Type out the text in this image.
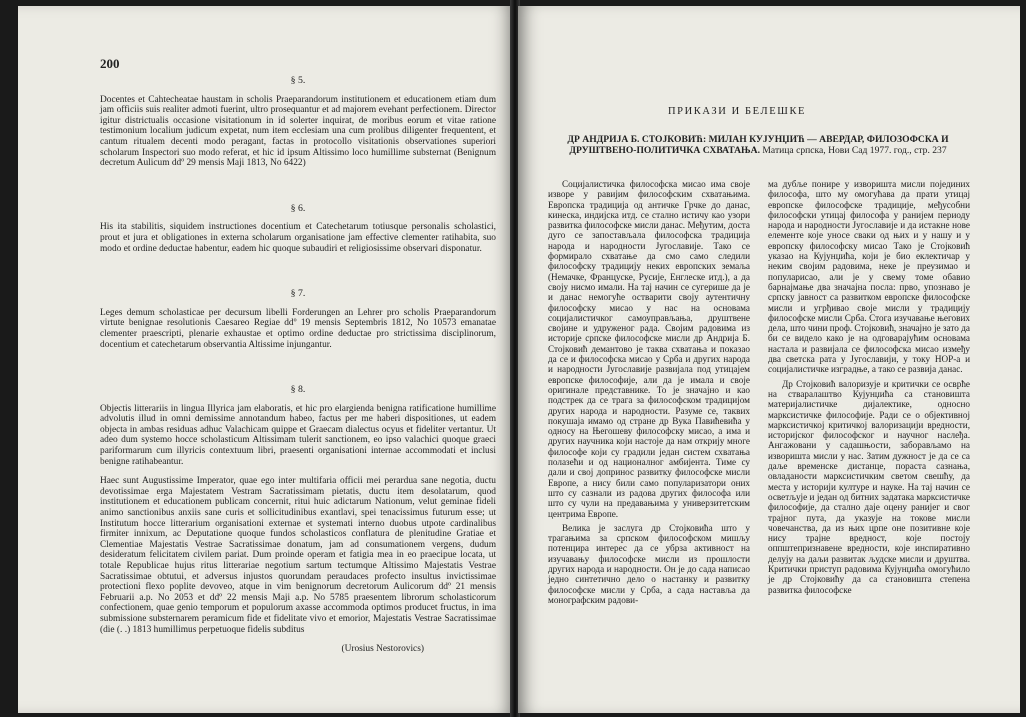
200
§ 5.

Docentes et Cahtecheatae haustam in scholis Praeparandorum institutionem et educationem etiam dum jam officiis suis realiter admoti fuerint, ultro prosequantur et ad majorem evehant perfectionem. Director igitur districtualis occasione visitationum in id solerter inquirat, de moribus eorum et vitae ratione testimonium localium judicum expetat, num item ecclesiam una cum prolibus diligenter frequentent, et cantum ritualem decenti modo peragant, factas in protocollo visitationis observationes superiori scholarum Inspectori suo modo referat, et hic id ipsum Altissimo loco humillime substernat (Benignum decretum Aulicum ddº 29 mensis Maji 1813, No 6422)

§ 6.

His ita stabilitis, siquidem instructiones docentium et Catechetarum totiusque personalis scholastici, prout et jura et obligationes in externa scholarum organisatione jam effective clementer ratihabita, suo modo et ordine deductae habentur, eadem hic quoque subaudiri et religiosissime observari disponatur.

§ 7.

Leges demum scholasticae per decursum libelli Forderungen an Lehrer pro scholis Praeparandorum virtute benignae resolutionis Caesareo Regiae ddº 19 mensis Septembris 1812, No 10573 emanatae clementer praescripti, plenarie exhaustae et optimo ordine deductae pro strictissima disciplinorum, docentium et catechetarum observantia Altissime injungantur.

§ 8.

Objectis litterariis in lingua Illyrica jam elaboratis, et hic pro elargienda benigna ratificatione humillime advolutis illud in omni demissime annotandum habeo, factus per me haberi dispositiones, ut eadem objecta in ambas residuas adhuc Valachicam quippe et Graecam dialectus ocyus et fideliter vertantur. Ut adeo dum systemo hocce scholasticum Altissimam tulerit sanctionem, eo ipso valachici quoque graeci pariformarum cum illyricis contextuum libri, praesenti organisationi internae accommodati et inclusi benigne ratihabeantur.

Haec sunt Augustissime Imperator, quae ego inter multifaria officii mei perardua sane negotia, ductu devotissimae erga Majestatem Vestram Sacratissimam pietatis, ductu item desolatarum, quod institutionem et educationem publicam concernit, ritui huic adictarum Nationum, velut geminae fideli animo sanctionibus anxiis sane curis et sollicitudinibus exantlavi, spei tenacissimus futurum esse; ut Institutum hocce litterarium organisationi externae et systemati interno duobus utpote cardinalibus firmiter innixum, ac Deputatione quoque fundos scholasticos conflatura de plenitudine Gratiae et Clementiae Majestatis Vestrae Sacratissimae donatum, jam ad consumationem vergens, dudum desideratum felicitatem civilem pariat. Dum proinde operam et fatigia mea in eo praecipue locata, ut totale Republicae hujus ritus litterariae negotium sartum tectumque Altissimo Majestatis Vestrae Sacratissimae obtutui, et adversus injustos quorundam peraudaces profecto insultus invictissimae protectioni flexo poplite devoveo, atque in vim benignorum decretorum Aulicorum ddº 21 mensis Februarii a.p. No 2053 et ddº 22 mensis Maji a.p. No 5785 praesentem librorum scholasticorum confectionem, quae genio temporum et populorum axasse accommoda optimos producet fructus, in ima submissione substernarem peramicum fide et fidelitate vivo et emorior, Majestatis Vestrae Sacratissimae (die (. .) 1813 humillimus perpetuoque fidelis subditus

(Urosius Nestorovics)
ПРИКАЗИ И БЕЛЕШКЕ
ДР АНДРИЈА Б. СТОЈКОВИЋ: МИЛАН КУЈУНЏИЋ — АВЕРДАР, ФИЛОЗОФСКА И ДРУШТВЕНО-ПОЛИТИЧКА СХВАТАЊА. Матица српска, Нови Сад 1977. год., стр. 237

Социјалистичка философска мисао има своје изворе у равијим философским схватањима. Европска традиција од античке Грчке до данас, кинеска, индијска итд. се стално истичу као узори развитка философске мисли данас. Међутим, доста дуго се запостављала философска традиција народа и народности Југославије. Тако се формирало схватање да смо само следили философску традицију неких европских земаља (Немачке, Француске, Русије, Енглеске итд.), а да своју нисмо имали. На тај начин се сугерише да је и данас немогуће остварити своју аутентичну философску мисао у нас на основама социјалистичког самоуправљања, друштвене својине и удруженог рада. Својим радовима из историје српске философске мисли др Андрија Б. Стојковић демантово је таква схватања и показао да се и философска мисао у Срба и других народа и народности Југославије развијала под утицајем европске философије, али да је имала и своје оригинале представнике. То је значајно и као подстрек да се трага за философском традицијом других народа и народности. Разуме се, таквих покушаја имамо од стране др Вука Павићевића у односу на Његошеву философску мисао, а има и других научника који настоје да нам открију многе философе који су градили један систем схватања полазећи и од националног амбијента. Тиме су дали и свој допринос развитку философске мисли Европе, а нису били само популаризатори оних што су сазнали из радова других философа или што су чули на предавањима у универзитетским центрима Европе.

Велика је заслуга др Стојковића што у трагањима за српском философском мишљу потенцира интерес да се убрза активност на изучавању философске мисли из прошлости других народа и народности. Он је до сада написао једно синтетично дело о настанку и развитку философске мисли у Срба, а сада наставља да монографским радови-

ма дубље понире у изворишта мисли појединих философа, што му омогућава да прати утицај европске философске традиције, међусобни философски утицај философа у ранијем периоду народа и народности Југославије и да истакне нове елементе које уносе сваки од њих и у нашу и у европску философску мисао Тако је Стојковић указао на Кујунџића, који је био еклектичар у неким својим радовима, неке је преузимао и популарисао, али је у свему томе обавио барнајмање два значајна посла: прво, упознаво је српску јавност са развитком европске философске мисли и угрђивао своје мисли у традицију философске мисли Срба. Стога изучавање његових дела, што чини проф. Стојковић, значајно је зато да би се видело како је на одговарајућим основама настала и развијала се философска мисао између два светска рата у Југославији, у току НОР-а и социјалистичке изградње, а тако се развија данас.

Др Стојковић валоризује и критички се осврће на стваралаштво Кујунџића са становишта материјалистичке дијалектике, односно марксистичке философије. Ради се о објективној марксистичкој критичкој валоризацији вредности, историјског философског и научног наслеђа. Ангажовани у садашњости, заборављамо на изворишта мисли у нас. Затим дужност је да се са даље временске дистанце, пораста сазнања, овладаности марксистичким светом свешћу, да места у историји културе и науке. На тај начин се осветљује и један од битних задатака марксистичке философије, да стално даје оцену ранијег и свог трајног пута, да указује на токове мисли човечанства, да из њих црпе оне позитивне које нису трајне вредност, које постоју оппштепризнавене вредности, које инспиративно делују на даљи развитак људске мисли и друштва. Критички приступ радовима Кујунџића омогућило је др Стојковићу да са становишта степена развитка философске
